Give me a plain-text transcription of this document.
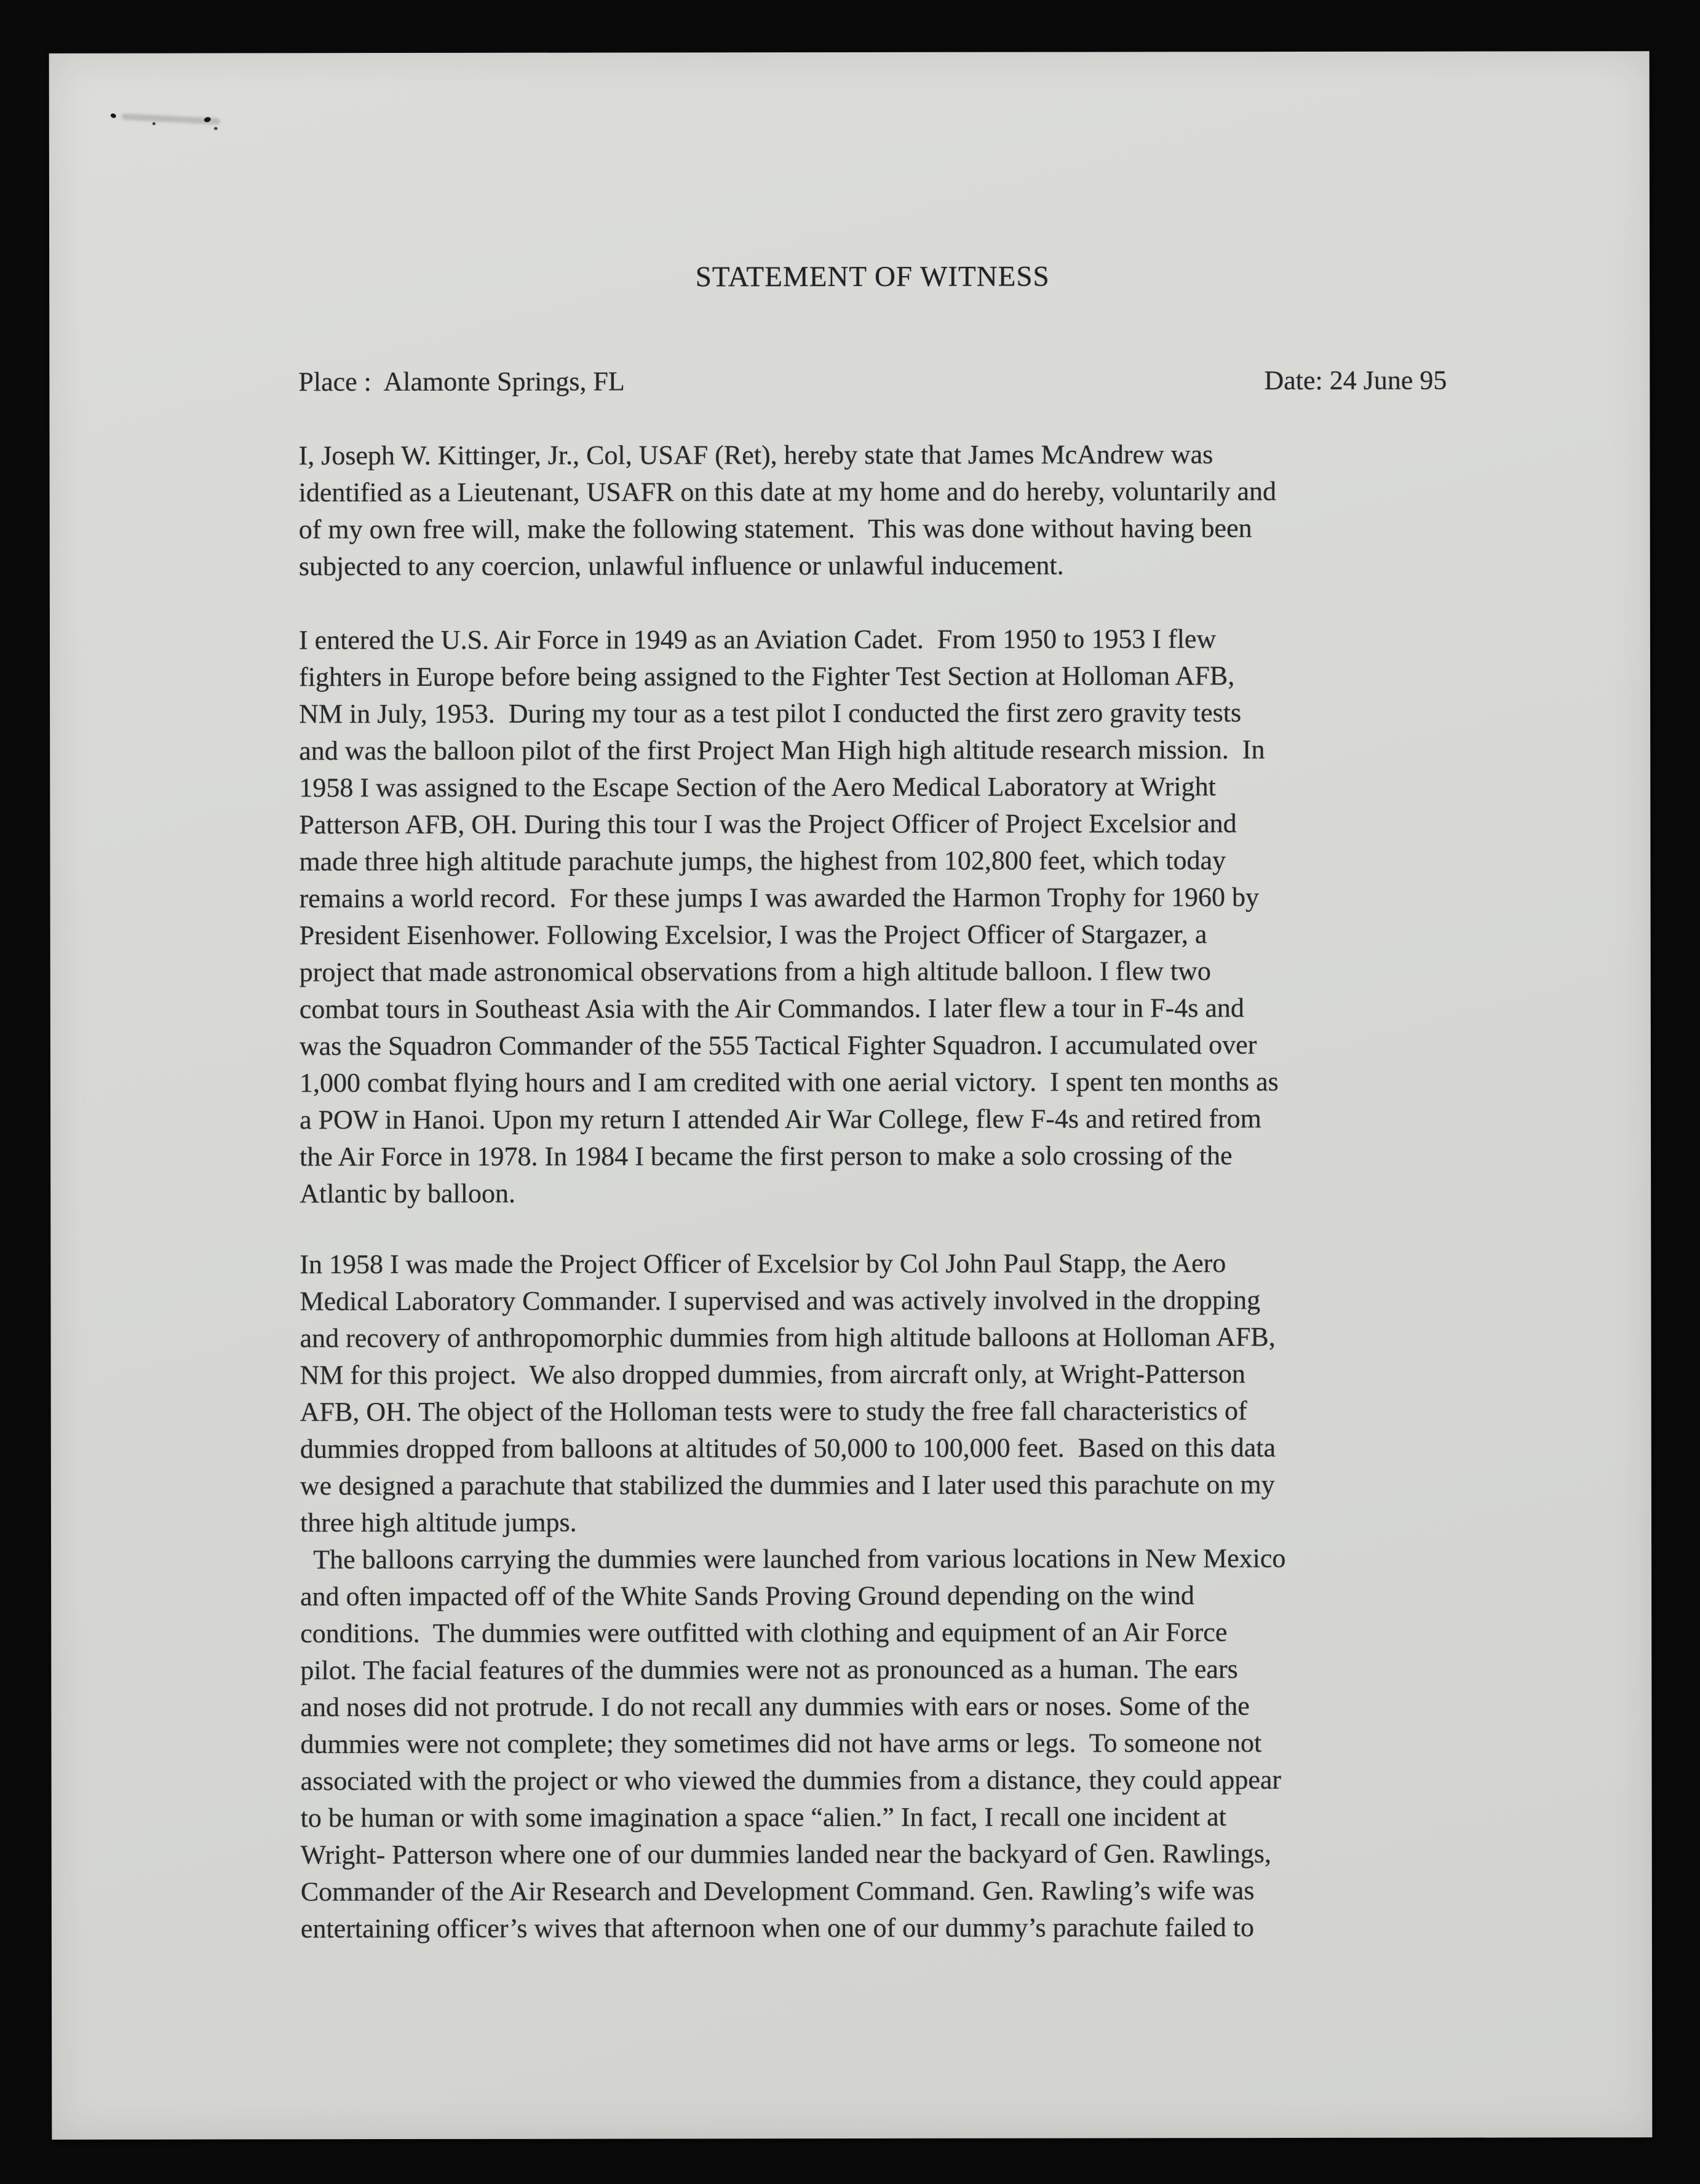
STATEMENT OF WITNESS
Place :  Alamonte Springs, FL	Date: 24 June 95
I, Joseph W. Kittinger, Jr., Col, USAF (Ret), hereby state that James McAndrew was
identified as a Lieutenant, USAFR on this date at my home and do hereby, voluntarily and
of my own free will, make the following statement.  This was done without having been
subjected to any coercion, unlawful influence or unlawful inducement.
I entered the U.S. Air Force in 1949 as an Aviation Cadet.  From 1950 to 1953 I flew
fighters in Europe before being assigned to the Fighter Test Section at Holloman AFB,
NM in July, 1953.  During my tour as a test pilot I conducted the first zero gravity tests
and was the balloon pilot of the first Project Man High high altitude research mission.  In
1958 I was assigned to the Escape Section of the Aero Medical Laboratory at Wright
Patterson AFB, OH. During this tour I was the Project Officer of Project Excelsior and
made three high altitude parachute jumps, the highest from 102,800 feet, which today
remains a world record.  For these jumps I was awarded the Harmon Trophy for 1960 by
President Eisenhower. Following Excelsior, I was the Project Officer of Stargazer, a
project that made astronomical observations from a high altitude balloon. I flew two
combat tours in Southeast Asia with the Air Commandos. I later flew a tour in F-4s and
was the Squadron Commander of the 555 Tactical Fighter Squadron. I accumulated over
1,000 combat flying hours and I am credited with one aerial victory.  I spent ten months as
a POW in Hanoi. Upon my return I attended Air War College, flew F-4s and retired from
the Air Force in 1978. In 1984 I became the first person to make a solo crossing of the
Atlantic by balloon.
In 1958 I was made the Project Officer of Excelsior by Col John Paul Stapp, the Aero
Medical Laboratory Commander. I supervised and was actively involved in the dropping
and recovery of anthropomorphic dummies from high altitude balloons at Holloman AFB,
NM for this project.  We also dropped dummies, from aircraft only, at Wright-Patterson
AFB, OH. The object of the Holloman tests were to study the free fall characteristics of
dummies dropped from balloons at altitudes of 50,000 to 100,000 feet.  Based on this data
we designed a parachute that stabilized the dummies and I later used this parachute on my
three high altitude jumps.
The balloons carrying the dummies were launched from various locations in New Mexico
and often impacted off of the White Sands Proving Ground depending on the wind
conditions.  The dummies were outfitted with clothing and equipment of an Air Force
pilot. The facial features of the dummies were not as pronounced as a human. The ears
and noses did not protrude. I do not recall any dummies with ears or noses. Some of the
dummies were not complete; they sometimes did not have arms or legs.  To someone not
associated with the project or who viewed the dummies from a distance, they could appear
to be human or with some imagination a space “alien.” In fact, I recall one incident at
Wright- Patterson where one of our dummies landed near the backyard of Gen. Rawlings,
Commander of the Air Research and Development Command. Gen. Rawling’s wife was
entertaining officer’s wives that afternoon when one of our dummy’s parachute failed to
